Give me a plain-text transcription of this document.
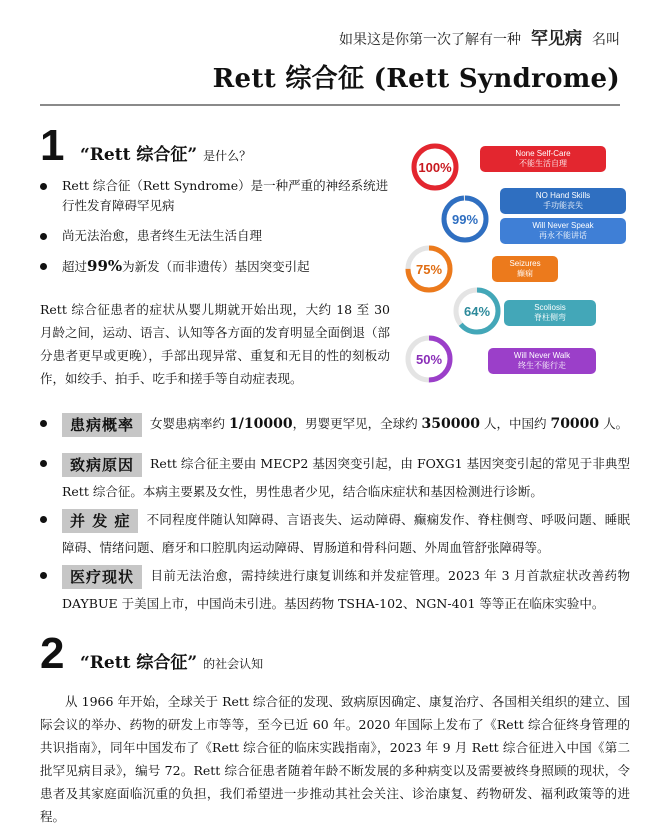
如果这是你第一次了解有一种 罕见病 名叫
Rett 综合征 (Rett Syndrome)
1 “Rett 综合征” 是什么？
Rett 综合征（Rett Syndrome）是一种严重的神经系统进行性发育障碍罕见病
尚无法治愈，患者终生无法生活自理
超过99%为新发（而非遗传）基因突变引起
Rett 综合征患者的症状从婴儿期就开始出现，大约 18 至 30 月龄之间，运动、语言、认知等各方面的发育明显全面倒退（部分患者更早或更晚），手部出现异常、重复和无目的性的刻板动作，如绞手、拍手、吃手和搓手等自动症表现。
None Self-Care
不能生活自理
100%
NO Hand Skills
手功能丧失
Will Never Speak
再永不能讲话
99%
Seizures
癫痫
75%
Scoliosis
脊柱侧弯
64%
Will Never Walk
终生不能行走
50%
患病概率 女婴患病率约 1/10000，男婴更罕见，全球约 350000 人，中国约 70000 人。
致病原因 Rett 综合征主要由 MECP2 基因突变引起，由 FOXG1 基因突变引起的常见于非典型 Rett 综合征。本病主要累及女性，男性患者少见，结合临床症状和基因检测进行诊断。
并 发 症 不同程度伴随认知障碍、言语丧失、运动障碍、癫痫发作、脊柱侧弯、呼吸问题、睡眠障碍、情绪问题、磨牙和口腔肌肉运动障碍、胃肠道和骨科问题、外周血管舒张障碍等。
医疗现状 目前无法治愈，需持续进行康复训练和并发症管理。2023 年 3 月首款症状改善药物 DAYBUE 于美国上市，中国尚未引进。基因药物 TSHA-102、NGN-401 等等正在临床实验中。
2 “Rett 综合征” 的社会认知
从 1966 年开始，全球关于 Rett 综合征的发现、致病原因确定、康复治疗、各国相关组织的建立、国际会议的举办、药物的研发上市等等，至今已近 60 年。2020 年国际上发布了《Rett 综合征终身管理的共识指南》，同年中国发布了《Rett 综合征的临床实践指南》，2023 年 9 月 Rett 综合征进入中国《第二批罕见病目录》，编号 72。Rett 综合征患者随着年龄不断发展的多种病变以及需要被终身照顾的现状，令患者及其家庭面临沉重的负担，我们希望进一步推动其社会关注、诊治康复、药物研发、福利政策等的进程。
